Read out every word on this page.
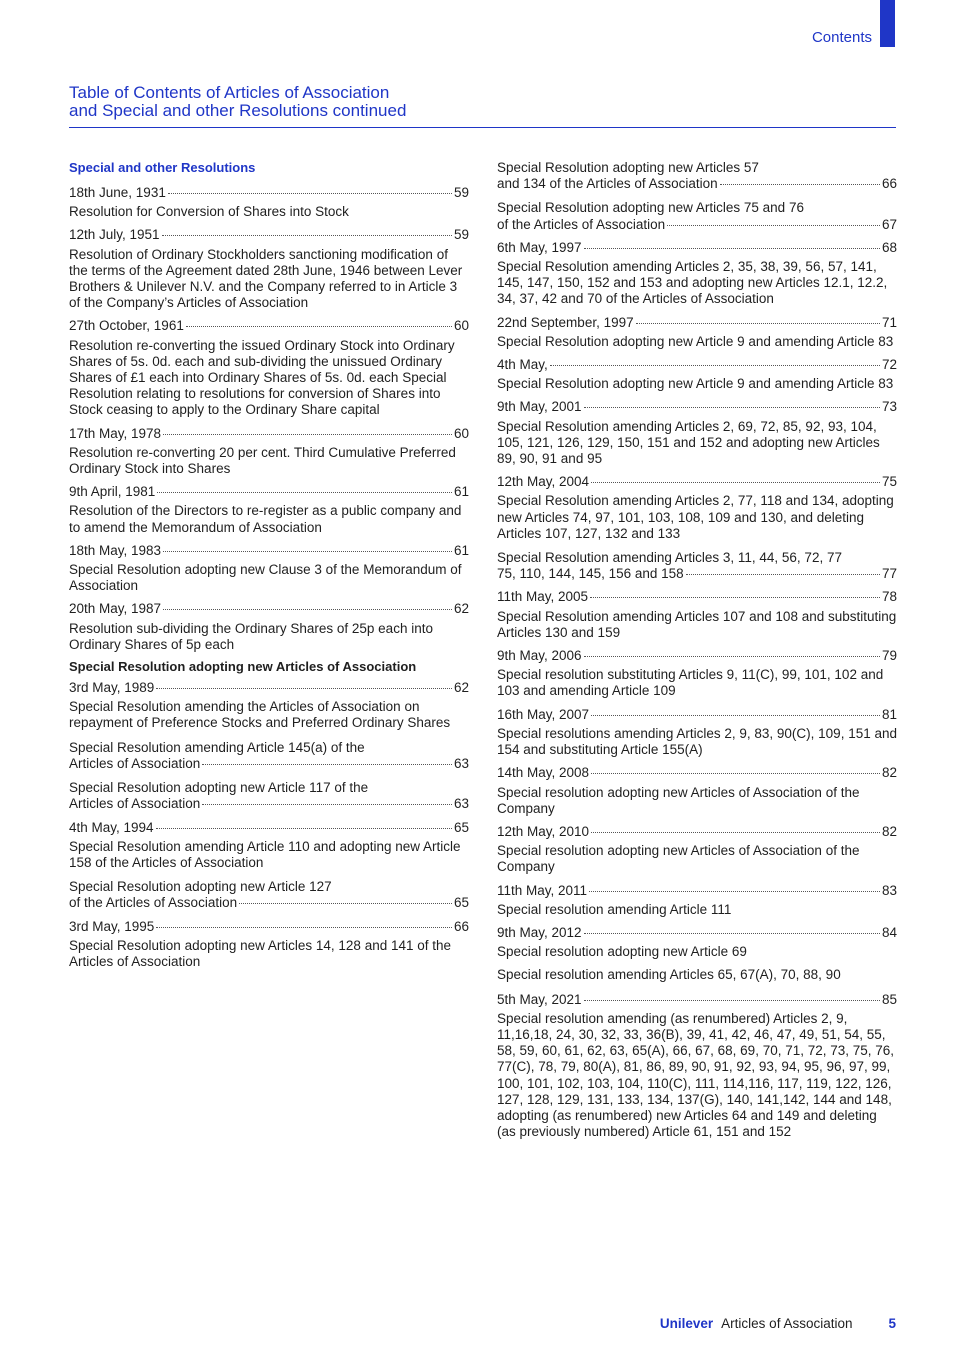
Contents
Table of Contents of Articles of Association
and Special and other Resolutions continued
Special and other Resolutions
18th June, 1931	59
Resolution for Conversion of Shares into Stock
12th July, 1951	59
Resolution of Ordinary Stockholders sanctioning modification of the terms of the Agreement dated 28th June, 1946 between Lever Brothers & Unilever N.V. and the Company referred to in Article 3 of the Company’s Articles of Association
27th October, 1961	60
Resolution re-converting the issued Ordinary Stock into Ordinary Shares of 5s. 0d. each and sub-dividing the unissued Ordinary Shares of £1 each into Ordinary Shares of 5s. 0d. each Special Resolution relating to resolutions for conversion of Shares into Stock ceasing to apply to the Ordinary Share capital
17th May, 1978	60
Resolution re-converting 20 per cent. Third Cumulative Preferred Ordinary Stock into Shares
9th April, 1981	61
Resolution of the Directors to re-register as a public company and to amend the Memorandum of Association
18th May, 1983	61
Special Resolution adopting new Clause 3 of the Memorandum of Association
20th May, 1987	62
Resolution sub-dividing the Ordinary Shares of 25p each into Ordinary Shares of 5p each
Special Resolution adopting new Articles of Association
3rd May, 1989	62
Special Resolution amending the Articles of Association on repayment of Preference Stocks and Preferred Ordinary Shares
Special Resolution amending Article 145(a) of the
Articles of Association	63
Special Resolution adopting new Article 117 of the
Articles of Association	63
4th May, 1994	65
Special Resolution amending Article 110 and adopting new Article 158 of the Articles of Association
Special Resolution adopting new Article 127
of the Articles of Association	65
3rd May, 1995	66
Special Resolution adopting new Articles 14, 128 and 141 of the Articles of Association
Special Resolution adopting new Articles 57
and 134 of the Articles of Association	66
Special Resolution adopting new Articles 75 and 76
of the Articles of Association	67
6th May, 1997	68
Special Resolution amending Articles 2, 35, 38, 39, 56, 57, 141, 145, 147, 150, 152 and 153 and adopting new Articles 12.1, 12.2, 34, 37, 42 and 70 of the Articles of Association
22nd September, 1997	71
Special Resolution adopting new Article 9 and amending Article 83
4th May,	72
Special Resolution adopting new Article 9 and amending Article 83
9th May, 2001	73
Special Resolution amending Articles 2, 69, 72, 85, 92, 93, 104, 105, 121, 126, 129, 150, 151 and 152 and adopting new Articles 89, 90, 91 and 95
12th May, 2004	75
Special Resolution amending Articles 2, 77, 118 and 134, adopting new Articles 74, 97, 101, 103, 108, 109 and 130, and deleting Articles 107, 127, 132 and 133
Special Resolution amending Articles 3, 11, 44, 56, 72, 77
75, 110, 144, 145, 156 and 158	77
11th May, 2005	78
Special Resolution amending Articles 107 and 108 and substituting Articles 130 and 159
9th May, 2006	79
Special resolution substituting Articles 9, 11(C), 99, 101, 102 and 103 and amending Article 109
16th May, 2007	81
Special resolutions amending Articles 2, 9, 83, 90(C), 109, 151 and 154 and substituting Article 155(A)
14th May, 2008	82
Special resolution adopting new Articles of Association of the Company
12th May, 2010	82
Special resolution adopting new Articles of Association of the Company
11th May, 2011	83
Special resolution amending Article 111
9th May, 2012	84
Special resolution adopting new Article 69
Special resolution amending Articles 65, 67(A), 70, 88, 90
5th May, 2021	85
Special resolution amending (as renumbered) Articles 2, 9, 11,16,18, 24, 30, 32, 33, 36(B), 39, 41, 42, 46, 47, 49, 51, 54, 55, 58, 59, 60, 61, 62, 63, 65(A), 66, 67, 68, 69, 70, 71, 72, 73, 75, 76, 77(C), 78, 79, 80(A), 81, 86, 89, 90, 91, 92, 93, 94, 95, 96, 97, 99, 100, 101, 102, 103, 104, 110(C), 111, 114,116, 117, 119, 122, 126, 127, 128, 129, 131, 133, 134, 137(G), 140, 141,142, 144 and 148, adopting (as renumbered) new Articles 64 and 149 and deleting (as previously numbered) Article 61, 151 and 152
Unilever Articles of Association	5
